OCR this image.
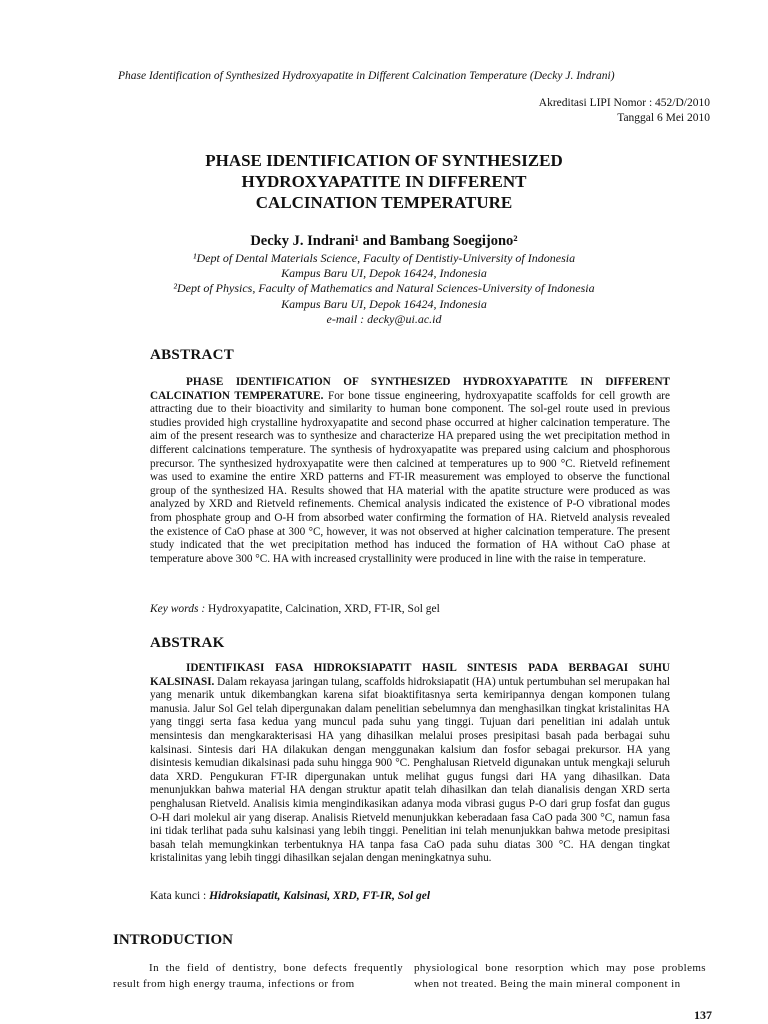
Phase Identification of Synthesized Hydroxyapatite in Different Calcination Temperature (Decky J. Indrani)
Akreditasi LIPI Nomor : 452/D/2010
Tanggal 6 Mei 2010
PHASE IDENTIFICATION OF SYNTHESIZED
HYDROXYAPATITE IN DIFFERENT
CALCINATION TEMPERATURE
Decky J. Indrani¹ and Bambang Soegijono²
¹Dept of Dental Materials Science, Faculty of Dentistiy-University of Indonesia
Kampus Baru UI, Depok 16424, Indonesia
²Dept of Physics, Faculty of Mathematics and Natural Sciences-University of Indonesia
Kampus Baru UI, Depok 16424, Indonesia
e-mail : decky@ui.ac.id
ABSTRACT
PHASE IDENTIFICATION OF SYNTHESIZED HYDROXYAPATITE IN DIFFERENT CALCINATION TEMPERATURE. For bone tissue engineering, hydroxyapatite scaffolds for cell growth are attracting due to their bioactivity and similarity to human bone component. The sol-gel route used in previous studies provided high crystalline hydroxyapatite and second phase occurred at higher calcination temperature. The aim of the present research was to synthesize and characterize HA prepared using the wet precipitation method in different calcinations temperature. The synthesis of hydroxyapatite was prepared using calcium and phosphorous precursor. The synthesized hydroxyapatite were then calcined at temperatures up to 900 °C. Rietveld refinement was used to examine the entire XRD patterns and FT-IR measurement was employed to observe the functional group of the synthesized HA. Results showed that HA material with the apatite structure were produced as was analyzed by XRD and Rietveld refinements. Chemical analysis indicated the existence of P-O vibrational modes from phosphate group and O-H from absorbed water confirming the formation of HA. Rietveld analysis revealed the existence of CaO phase at 300 °C, however, it was not observed at higher calcination temperature. The present study indicated that the wet precipitation method has induced the formation of HA without CaO phase at temperature above 300 °C. HA with increased crystallinity were produced in line with the raise in temperature.
Key words : Hydroxyapatite, Calcination, XRD, FT-IR, Sol gel
ABSTRAK
IDENTIFIKASI FASA HIDROKSIAPATIT HASIL SINTESIS PADA BERBAGAI SUHU KALSINASI. Dalam rekayasa jaringan tulang, scaffolds hidroksiapatit (HA) untuk pertumbuhan sel merupakan hal yang menarik untuk dikembangkan karena sifat bioaktifitasnya serta kemiripannya dengan komponen tulang manusia. Jalur Sol Gel telah dipergunakan dalam penelitian sebelumnya dan menghasilkan tingkat kristalinitas HA yang tinggi serta fasa kedua yang muncul pada suhu yang tinggi. Tujuan dari penelitian ini adalah untuk mensintesis dan mengkarakterisasi HA yang dihasilkan melalui proses presipitasi basah pada berbagai suhu kalsinasi. Sintesis dari HA dilakukan dengan menggunakan kalsium dan fosfor sebagai prekursor. HA yang disintesis kemudian dikalsinasi pada suhu hingga 900 °C. Penghalusan Rietveld digunakan untuk mengkaji seluruh data XRD. Pengukuran FT-IR dipergunakan untuk melihat gugus fungsi dari HA yang dihasilkan. Data menunjukkan bahwa material HA dengan struktur apatit telah dihasilkan dan telah dianalisis dengan XRD serta penghalusan Rietveld. Analisis kimia mengindikasikan adanya moda vibrasi gugus P-O dari grup fosfat dan gugus O-H dari molekul air yang diserap. Analisis Rietveld menunjukkan keberadaan fasa CaO pada 300 °C, namun fasa ini tidak terlihat pada suhu kalsinasi yang lebih tinggi. Penelitian ini telah menunjukkan bahwa metode presipitasi basah telah memungkinkan terbentuknya HA tanpa fasa CaO pada suhu diatas 300 °C. HA dengan tingkat kristalinitas yang lebih tinggi dihasilkan sejalan dengan meningkatnya suhu.
Kata kunci : Hidroksiapatit, Kalsinasi, XRD, FT-IR, Sol gel
INTRODUCTION
In the field of dentistry, bone defects frequently result from high energy trauma, infections or from
physiological bone resorption which may pose problems when not treated. Being the main mineral component in
137
